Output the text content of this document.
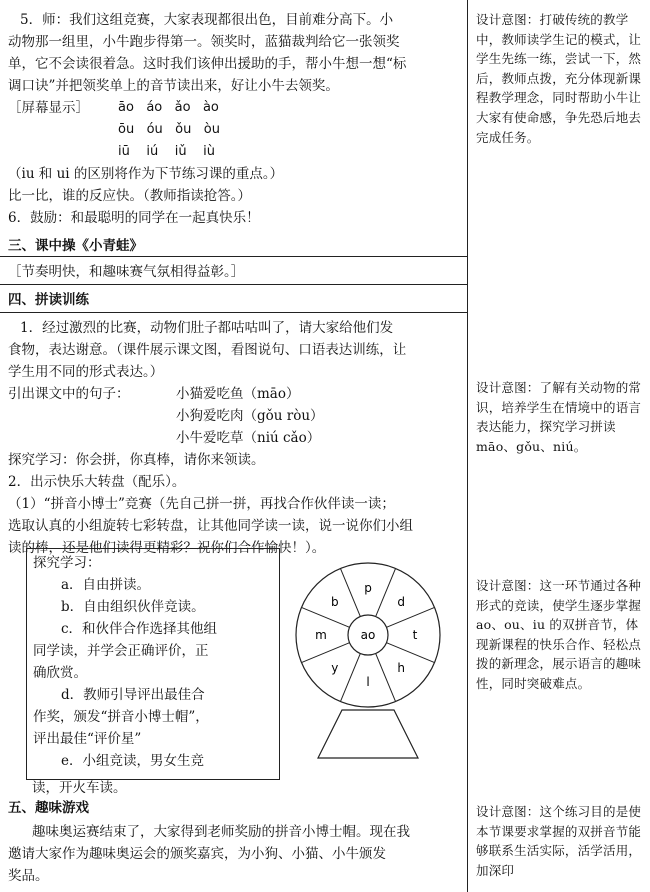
5．师：我们这组竞赛，大家表现都很出色，目前难分高下。小
动物那一组里，小牛跑步得第一。领奖时，蓝猫裁判给它一张领奖
单，它不会读很着急。这时我们该伸出援助的手，帮小牛想一想“标
调口诀”并把领奖单上的音节读出来，好让小牛去领奖。
［屏幕显示］ āo   áo   ǎo   ào
ōu   óu   ǒu   òu
iū    iú    iǔ    iù
（iu 和 ui 的区别将作为下节练习课的重点。）
比一比，谁的反应快。（教师指读抢答。）
6．鼓励：和最聪明的同学在一起真快乐！
三、课中操《小青蛙》
［节奏明快，和趣味赛气氛相得益彰。］
四、拼读训练
1．经过激烈的比赛，动物们肚子都咕咕叫了，请大家给他们发
食物，表达谢意。（课件展示课文图，看图说句、口语表达训练，让
学生用不同的形式表达。）
引出课文中的句子：	小猫爱吃鱼（māo）
小狗爱吃肉（gǒu ròu）
小牛爱吃草（niú cǎo）
探究学习：你会拼，你真棒，请你来领读。
2．出示快乐大转盘（配乐）。
（1）“拼音小博士”竞赛（先自己拼一拼，再找合作伙伴读一读；
选取认真的小组旋转七彩转盘，让其他同学读一读，说一说你们小组
读的棒，还是他们读得更精彩？祝你们合作愉快！）。
探究学习：
a．自由拼读。
b．自由组织伙伴竞读。
c．和伙伴合作选择其他组
同学读，并学会正确评价，正
确欣赏。
d．教师引导评出最佳合
作奖，颁发“拼音小博士帽”，
评出最佳“评价星”
e．小组竞读，男女生竞
读，开火车读。
p
d
t
h
l
y
m
b
ao
五、趣味游戏
趣味奥运赛结束了，大家得到老师奖励的拼音小博士帽。现在我
邀请大家作为趣味奥运会的颁奖嘉宾，为小狗、小猫、小牛颁发
奖品。
设计意图：打破传统的教学中，教师读学生记的模式，让学生先练一练，尝试一下，然后，教师点拨，充分体现新课程教学理念，同时帮助小牛让大家有使命感，争先恐后地去完成任务。
设计意图：了解有关动物的常识，培养学生在情境中的语言表达能力，探究学习拼读 māo、gǒu、niú。
设计意图：这一环节通过各种形式的竞读，使学生逐步掌握 ao、ou、iu 的双拼音节，体现新课程的快乐合作、轻松点拨的新理念，展示语言的趣味性，同时突破难点。
设计意图：这个练习目的是使本节课要求掌握的双拼音节能够联系生活实际，活学活用，加深印
